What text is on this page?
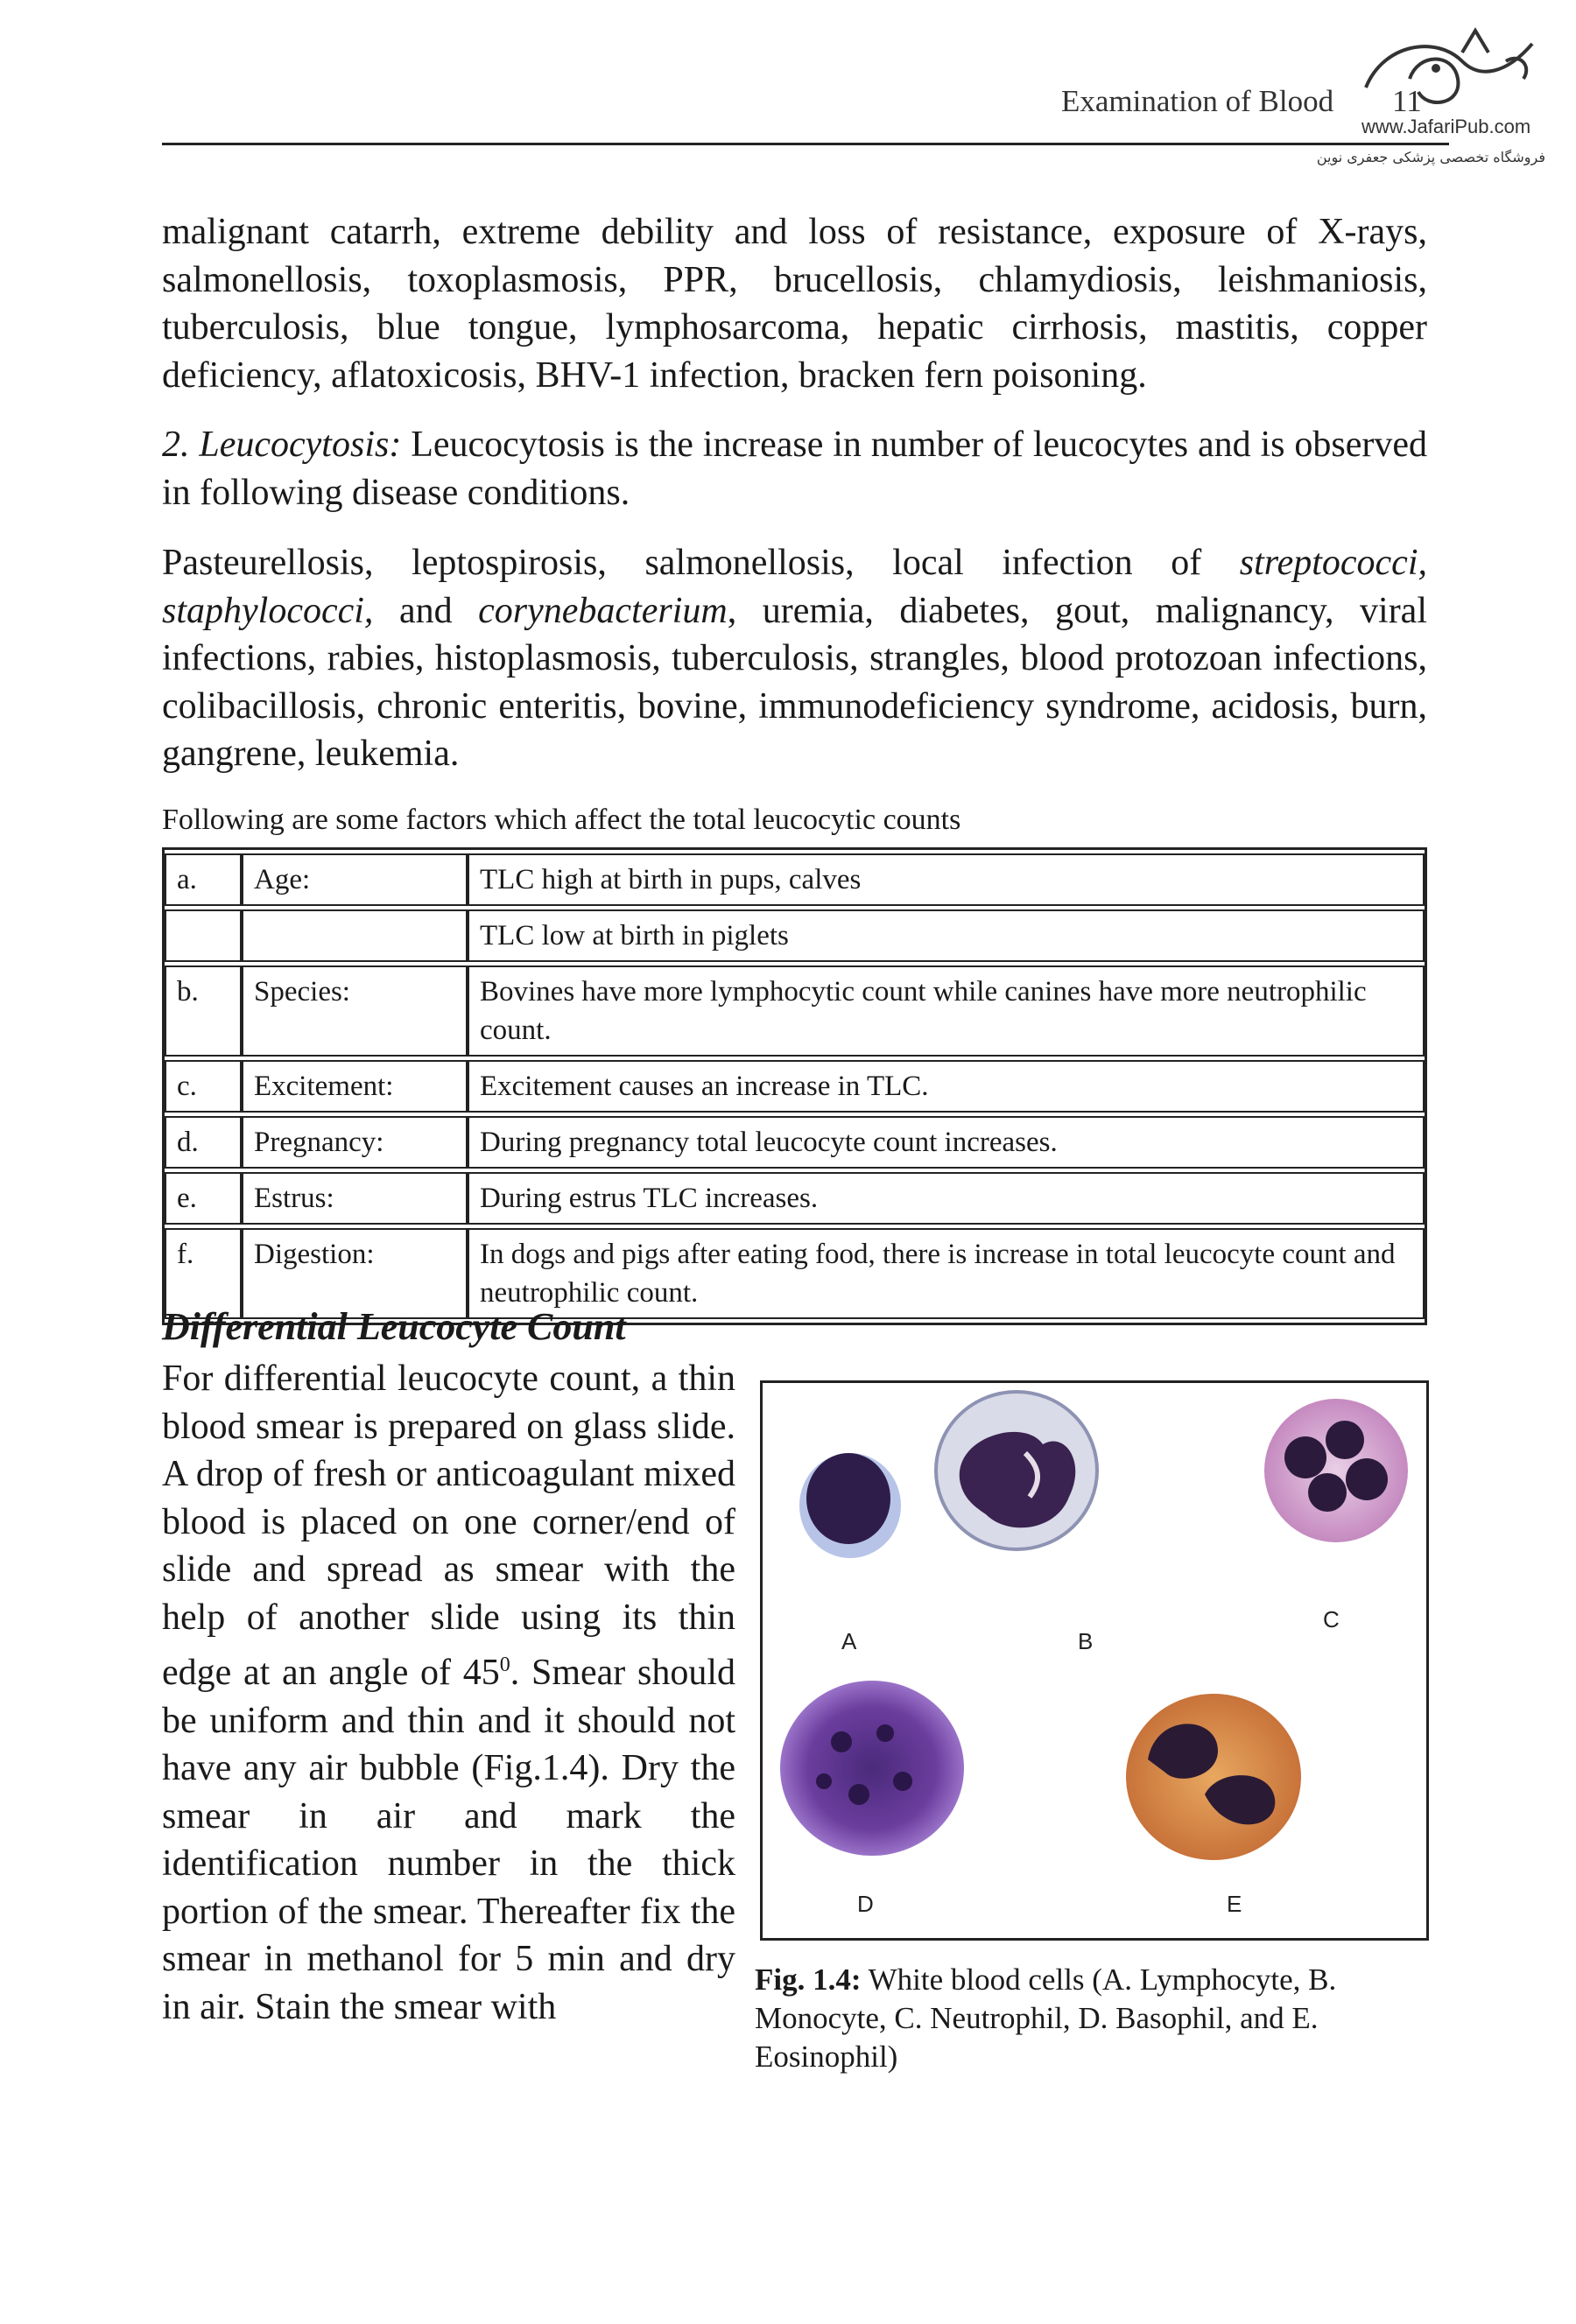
Examination of Blood 11
www.JafariPub.com
فروشگاه تخصصی پزشکی جعفری نوین

malignant catarrh, extreme debility and loss of resistance, exposure of X-rays, salmonellosis, toxoplasmosis, PPR, brucellosis, chlamydiosis, leishmaniosis, tuberculosis, blue tongue, lymphosarcoma, hepatic cirrhosis, mastitis, copper deficiency, aflatoxicosis, BHV-1 infection, bracken fern poisoning.

2. Leucocytosis: Leucocytosis is the increase in number of leucocytes and is observed in following disease conditions.

Pasteurellosis, leptospirosis, salmonellosis, local infection of streptococci, staphylococci, and corynebacterium, uremia, diabetes, gout, malignancy, viral infections, rabies, histoplasmosis, tuberculosis, strangles, blood protozoan infections, colibacillosis, chronic enteritis, bovine, immunodeficiency syndrome, acidosis, burn, gangrene, leukemia.

Following are some factors which affect the total leucocytic counts
a.	Age:	TLC high at birth in pups, calves
		TLC low at birth in piglets
b.	Species:	Bovines have more lymphocytic count while canines have more neutrophilic count.
c.	Excitement:	Excitement causes an increase in TLC.
d.	Pregnancy:	During pregnancy total leucocyte count increases.
e.	Estrus:	During estrus TLC increases.
f.	Digestion:	In dogs and pigs after eating food, there is increase in total leucocyte count and neutrophilic count.
Differential Leucocyte Count

For differential leucocyte count, a thin blood smear is prepared on glass slide. A drop of fresh or anticoagulant mixed blood is placed on one corner/end of slide and spread as smear with the help of another slide using its thin edge at an angle of $45^0$. Smear should be uniform and thin and it should not have any air bubble (Fig.1.4). Dry the smear in air and mark the identification number in the thick portion of the smear. Thereafter fix the smear in methanol for 5 min and dry in air. Stain the smear with

A	B
C
D	E
Fig. 1.4: White blood cells (A. Lymphocyte, B. Monocyte, C. Neutrophil, D. Basophil, and E. Eosinophil)
